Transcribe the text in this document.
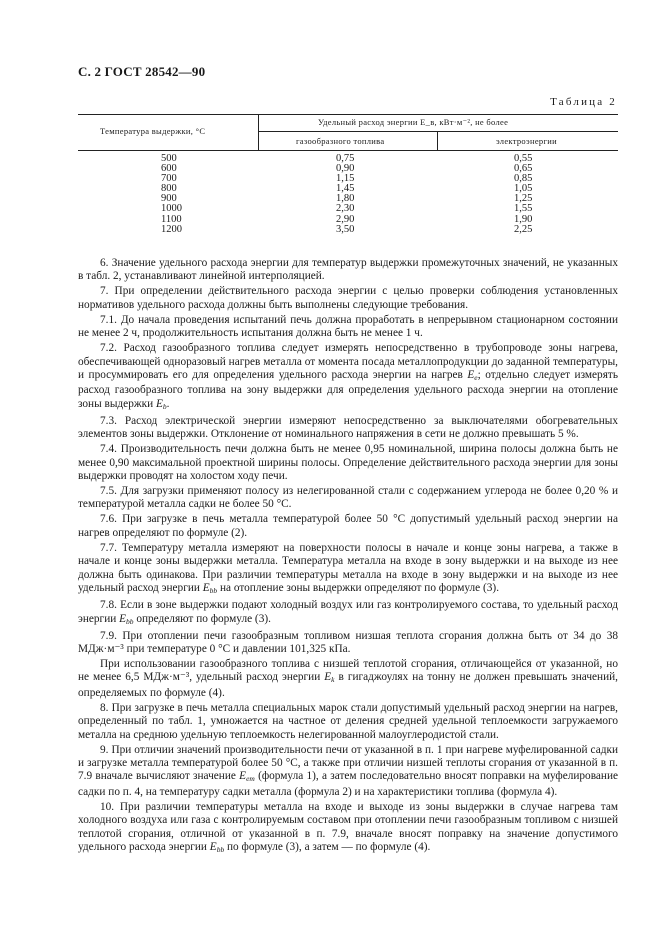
С. 2 ГОСТ 28542—90
Таблица 2
Температура выдержки, °С
Удельный расход энергии E_в, кВт·м⁻², не более
газообразного топлива	электроэнергии
500
600
700
800
900
1000
1100
1200
0,75
0,90
1,15
1,45
1,80
2,30
2,90
3,50
0,55
0,65
0,85
1,05
1,25
1,55
1,90
2,25

6. Значение удельного расхода энергии для температур выдержки промежуточных значений, не указанных в табл. 2, устанавливают линейной интерполяцией.

7. При определении действительного расхода энергии с целью проверки соблюдения установленных нормативов удельного расхода должны быть выполнены следующие требования.

7.1. До начала проведения испытаний печь должна проработать в непрерывном стационарном состоянии не менее 2 ч, продолжительность испытания должна быть не менее 1 ч.

7.2. Расход газообразного топлива следует измерять непосредственно в трубопроводе зоны нагрева, обеспечивающей одноразовый нагрев металла от момента посада металлопродукции до заданной температуры, и просуммировать его для определения удельного расхода энергии на нагрев $E_e$; отдельно следует измерять расход газообразного топлива на зону выдержки для определения удельного расхода энергии на отопление зоны выдержки $E_b$.

7.3. Расход электрической энергии измеряют непосредственно за выключателями обогревательных элементов зоны выдержки. Отклонение от номинального напряжения в сети не должно превышать 5 %.

7.4. Производительность печи должна быть не менее 0,95 номинальной, ширина полосы должна быть не менее 0,90 максимальной проектной ширины полосы. Определение действительного расхода энергии для зоны выдержки проводят на холостом ходу печи.

7.5. Для загрузки применяют полосу из нелегированной стали с содержанием углерода не более 0,20 % и температурой металла садки не более 50 °С.

7.6. При загрузке в печь металла температурой более 50 °С допустимый удельный расход энергии на нагрев определяют по формуле (2).

7.7. Температуру металла измеряют на поверхности полосы в начале и конце зоны нагрева, а также в начале и конце зоны выдержки металла. Температура металла на входе в зону выдержки и на выходе из нее должна быть одинакова. При различии температуры металла на входе в зону выдержки и на выходе из нее удельный расход энергии $E_{bb}$ на отопление зоны выдержки определяют по формуле (3).

7.8. Если в зоне выдержки подают холодный воздух или газ контролируемого состава, то удельный расход энергии $E_{bb}$ определяют по формуле (3).

7.9. При отоплении печи газообразным топливом низшая теплота сгорания должна быть от 34 до 38 МДж·м⁻³ при температуре 0 °С и давлении 101,325 кПа.

При использовании газообразного топлива с низшей теплотой сгорания, отличающейся от указанной, но не менее 6,5 МДж·м⁻³, удельный расход энергии $E_k$ в гигаджоулях на тонну не должен превышать значений, определяемых по формуле (4).

8. При загрузке в печь металла специальных марок стали допустимый удельный расход энергии на нагрев, определенный по табл. 1, умножается на частное от деления средней удельной теплоемкости загружаемого металла на среднюю удельную теплоемкость нелегированной малоуглеродистой стали.

9. При отличии значений производительности печи от указанной в п. 1 при нагреве муфелированной садки и загрузке металла температурой более 50 °С, а также при отличии низшей теплоты сгорания от указанной в п. 7.9 вначале вычисляют значение $E_{em}$ (формула 1), а затем последовательно вносят поправки на муфелирование садки по п. 4, на температуру садки металла (формула 2) и на характеристики топлива (формула 4).

10. При различии температуры металла на входе и выходе из зоны выдержки в случае нагрева там холодного воздуха или газа с контролируемым составом при отоплении печи газообразным топливом с низшей теплотой сгорания, отличной от указанной в п. 7.9, вначале вносят поправку на значение допустимого удельного расхода энергии $E_{bb}$ по формуле (3), а затем — по формуле (4).
